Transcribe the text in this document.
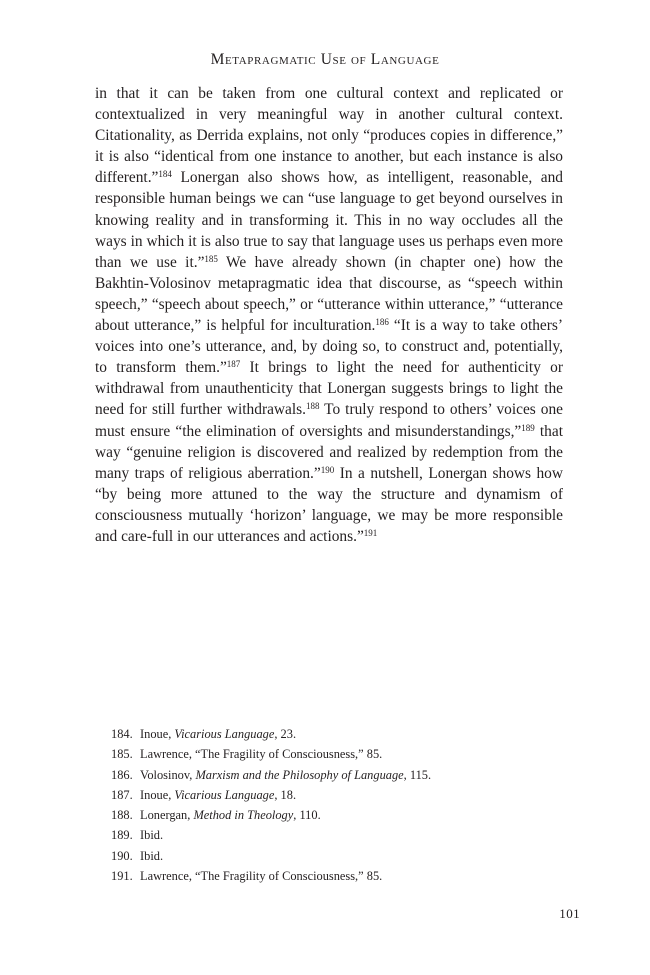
Metapragmatic Use of Language

in that it can be taken from one cultural context and replicated or contextualized in very meaningful way in another cultural context. Citationality, as Derrida explains, not only “produces copies in difference,” it is also “identical from one instance to another, but each instance is also different.”$^{184}$ Lonergan also shows how, as intelligent, reasonable, and responsible human beings we can “use language to get beyond ourselves in knowing reality and in transforming it. This in no way occludes all the ways in which it is also true to say that language uses us perhaps even more than we use it.”$^{185}$ We have already shown (in chapter one) how the Bakhtin-Volosinov metapragmatic idea that discourse, as “speech within speech,” “speech about speech,” or “utterance within utterance,” “utterance about utterance,” is helpful for inculturation.$^{186}$ “It is a way to take others’ voices into one’s utterance, and, by doing so, to construct and, potentially, to transform them.”$^{187}$ It brings to light the need for authenticity or withdrawal from unauthenticity that Lonergan suggests brings to light the need for still further withdrawals.$^{188}$ To truly respond to others’ voices one must ensure “the elimination of oversights and misunderstandings,”$^{189}$ that way “genuine religion is discovered and realized by redemption from the many traps of religious aberration.”$^{190}$ In a nutshell, Lonergan shows how “by being more attuned to the way the structure and dynamism of consciousness mutually ‘horizon’ language, we may be more responsible and care-full in our utterances and actions.”$^{191}$

184. Inoue, Vicarious Language, 23.
185. Lawrence, “The Fragility of Consciousness,” 85.
186. Volosinov, Marxism and the Philosophy of Language, 115.
187. Inoue, Vicarious Language, 18.
188. Lonergan, Method in Theology, 110.
189. Ibid.
190. Ibid.
191. Lawrence, “The Fragility of Consciousness,” 85.
101
